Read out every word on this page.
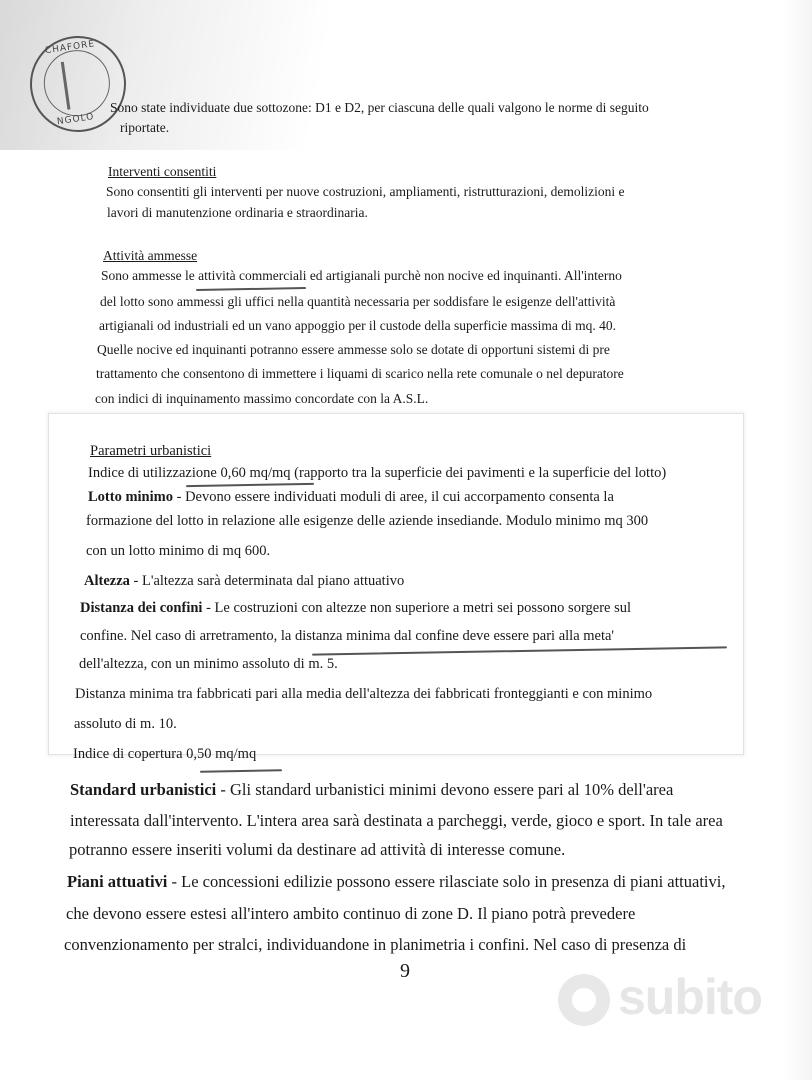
CHAFORE
NGOLO
Sono state individuate due sottozone: D1 e D2, per ciascuna delle quali valgono le norme di seguito
riportate.
Interventi consentiti
Sono consentiti gli interventi per nuove costruzioni, ampliamenti, ristrutturazioni, demolizioni e
lavori di manutenzione ordinaria e straordinaria.
Attività ammesse
Sono ammesse le attività commerciali ed artigianali purchè non nocive ed inquinanti. All'interno
del lotto sono ammessi gli uffici nella quantità necessaria per soddisfare le esigenze dell'attività
artigianali od industriali ed un vano appoggio per il custode della superficie massima di mq. 40.
Quelle nocive ed inquinanti potranno essere ammesse solo se dotate di opportuni sistemi di pre
trattamento che consentono di immettere i liquami di scarico nella rete comunale o nel depuratore
con indici di inquinamento massimo concordate con la A.S.L.
Parametri urbanistici
Indice di utilizzazione 0,60 mq/mq (rapporto tra la superficie dei pavimenti e la superficie del lotto)
Lotto minimo - Devono essere individuati moduli di aree, il cui accorpamento consenta la
formazione del lotto in relazione alle esigenze delle aziende insediande. Modulo minimo mq 300
con un lotto minimo di mq 600.
Altezza - L'altezza sarà determinata dal piano attuativo
Distanza dei confini - Le costruzioni con altezze non superiore a metri sei possono sorgere sul
confine. Nel caso di arretramento, la distanza minima dal confine deve essere pari alla meta'
dell'altezza, con un minimo assoluto di m. 5.
Distanza minima tra fabbricati pari alla media dell'altezza dei fabbricati fronteggianti e con minimo
assoluto di m. 10.
Indice di copertura 0,50 mq/mq
Standard urbanistici - Gli standard urbanistici minimi devono essere pari al 10% dell'area
interessata dall'intervento. L'intera area sarà destinata a parcheggi, verde, gioco e sport. In tale area
potranno essere inseriti volumi da destinare ad attività di interesse comune.
Piani attuativi - Le concessioni edilizie possono essere rilasciate solo in presenza di piani attuativi,
che devono essere estesi all'intero ambito continuo di zone D. Il piano potrà prevedere
convenzionamento per stralci, individuandone in planimetria i confini. Nel caso di presenza di
9	subito
